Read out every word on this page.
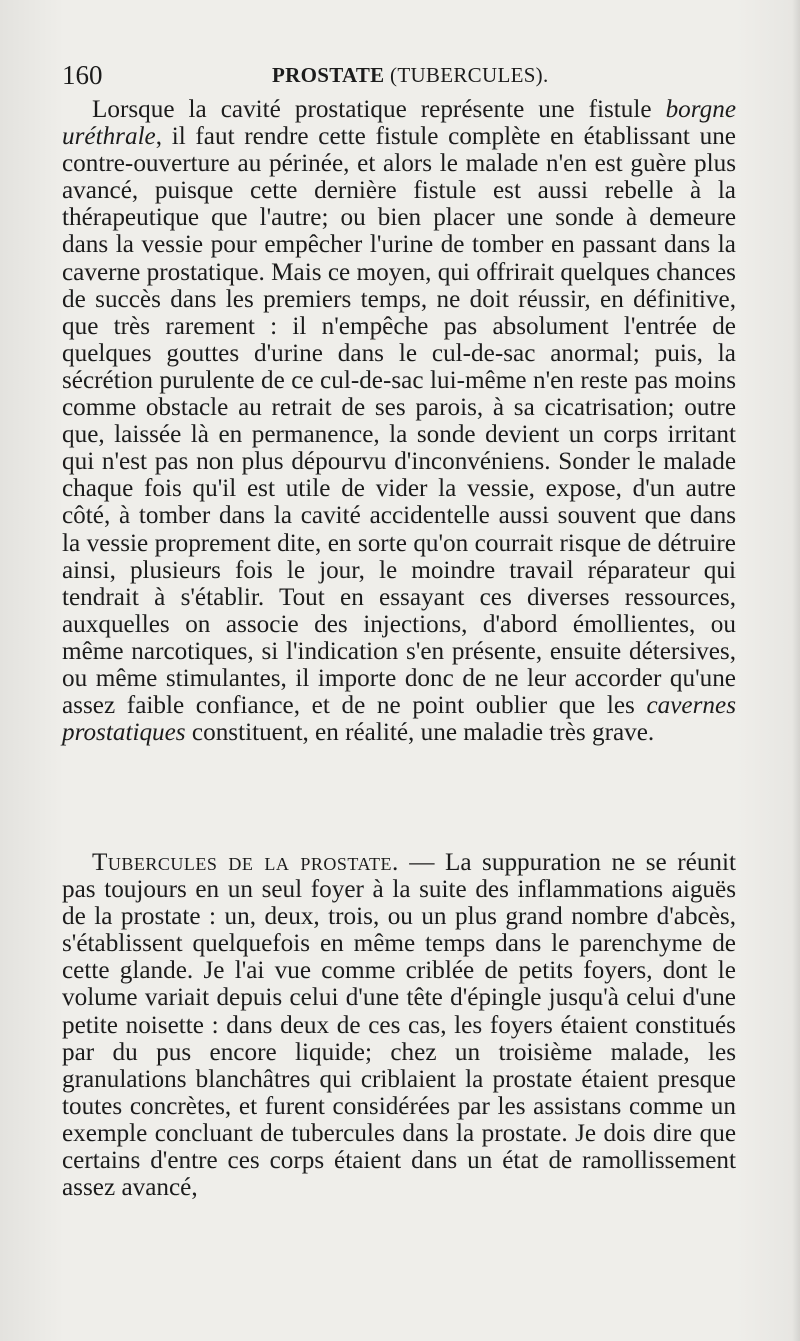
160	PROSTATE (TUBERCULES).

Lorsque la cavité prostatique représente une fistule borgne uréthrale, il faut rendre cette fistule complète en établissant une contre-ouverture au périnée, et alors le malade n'en est guère plus avancé, puisque cette dernière fistule est aussi rebelle à la thérapeutique que l'autre; ou bien placer une sonde à demeure dans la vessie pour empêcher l'urine de tomber en passant dans la caverne prostatique. Mais ce moyen, qui offrirait quelques chances de succès dans les premiers temps, ne doit réussir, en définitive, que très rarement : il n'empêche pas absolument l'entrée de quelques gouttes d'urine dans le cul-de-sac anormal; puis, la sécrétion purulente de ce cul-de-sac lui-même n'en reste pas moins comme obstacle au retrait de ses parois, à sa cicatrisation; outre que, laissée là en permanence, la sonde devient un corps irritant qui n'est pas non plus dépourvu d'inconvéniens. Sonder le malade chaque fois qu'il est utile de vider la vessie, expose, d'un autre côté, à tomber dans la cavité accidentelle aussi souvent que dans la vessie proprement dite, en sorte qu'on courrait risque de détruire ainsi, plusieurs fois le jour, le moindre travail réparateur qui tendrait à s'établir. Tout en essayant ces diverses ressources, auxquelles on associe des injections, d'abord émollientes, ou même narcotiques, si l'indication s'en présente, ensuite détersives, ou même stimulantes, il importe donc de ne leur accorder qu'une assez faible confiance, et de ne point oublier que les cavernes prostatiques constituent, en réalité, une maladie très grave.

Tubercules de la prostate. — La suppuration ne se réunit pas toujours en un seul foyer à la suite des inflammations aiguës de la prostate : un, deux, trois, ou un plus grand nombre d'abcès, s'établissent quelquefois en même temps dans le parenchyme de cette glande. Je l'ai vue comme criblée de petits foyers, dont le volume variait depuis celui d'une tête d'épingle jusqu'à celui d'une petite noisette : dans deux de ces cas, les foyers étaient constitués par du pus encore liquide; chez un troisième malade, les granulations blanchâtres qui criblaient la prostate étaient presque toutes concrètes, et furent considérées par les assistans comme un exemple concluant de tubercules dans la prostate. Je dois dire que certains d'entre ces corps étaient dans un état de ramollissement assez avancé,
